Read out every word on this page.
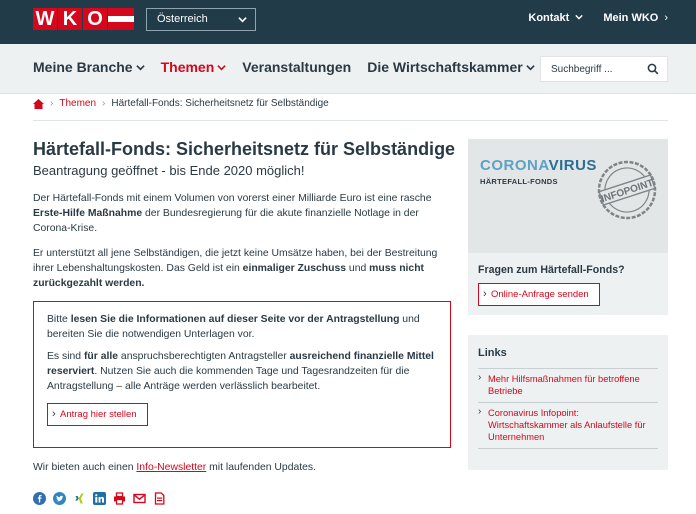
W K O	Österreich	Kontakt	Mein WKO ›
Meine Branche	Themen	Veranstaltungen Die Wirtschaftskammer
Suchbegriff ...
› Themen › Härtefall-Fonds: Sicherheitsnetz für Selbständige
Härtefall-Fonds: Sicherheitsnetz für Selbständige
Beantragung geöffnet - bis Ende 2020 möglich!
Der Härtefall-Fonds mit einem Volumen von vorerst einer Milliarde Euro ist eine rasche Erste-Hilfe Maßnahme der Bundesregierung für die akute finanzielle Notlage in der Corona-Krise.
Er unterstützt all jene Selbständigen, die jetzt keine Umsätze haben, bei der Bestreitung ihrer Lebenshaltungskosten. Das Geld ist ein einmaliger Zuschuss und muss nicht zurückgezahlt werden.

Bitte lesen Sie die Informationen auf dieser Seite vor der Antragstellung und bereiten Sie die notwendigen Unterlagen vor.

Es sind für alle anspruchsberechtigten Antragsteller ausreichend finanzielle Mittel reserviert. Nutzen Sie auch die kommenden Tage und Tagesrandzeiten für die Antragstellung – alle Anträge werden verlässlich bearbeitet.

› Antrag hier stellen
Wir bieten auch einen Info-Newsletter mit laufenden Updates.
CORONAVIRUS
HÄRTEFALL-FONDS	INFOPOINT
Fragen zum Härtefall-Fonds?
› Online-Anfrage senden
Links
› Mehr Hilfsmaßnahmen für betroffene Betriebe
› Coronavirus Infopoint: Wirtschaftskammer als Anlaufstelle für Unternehmen
